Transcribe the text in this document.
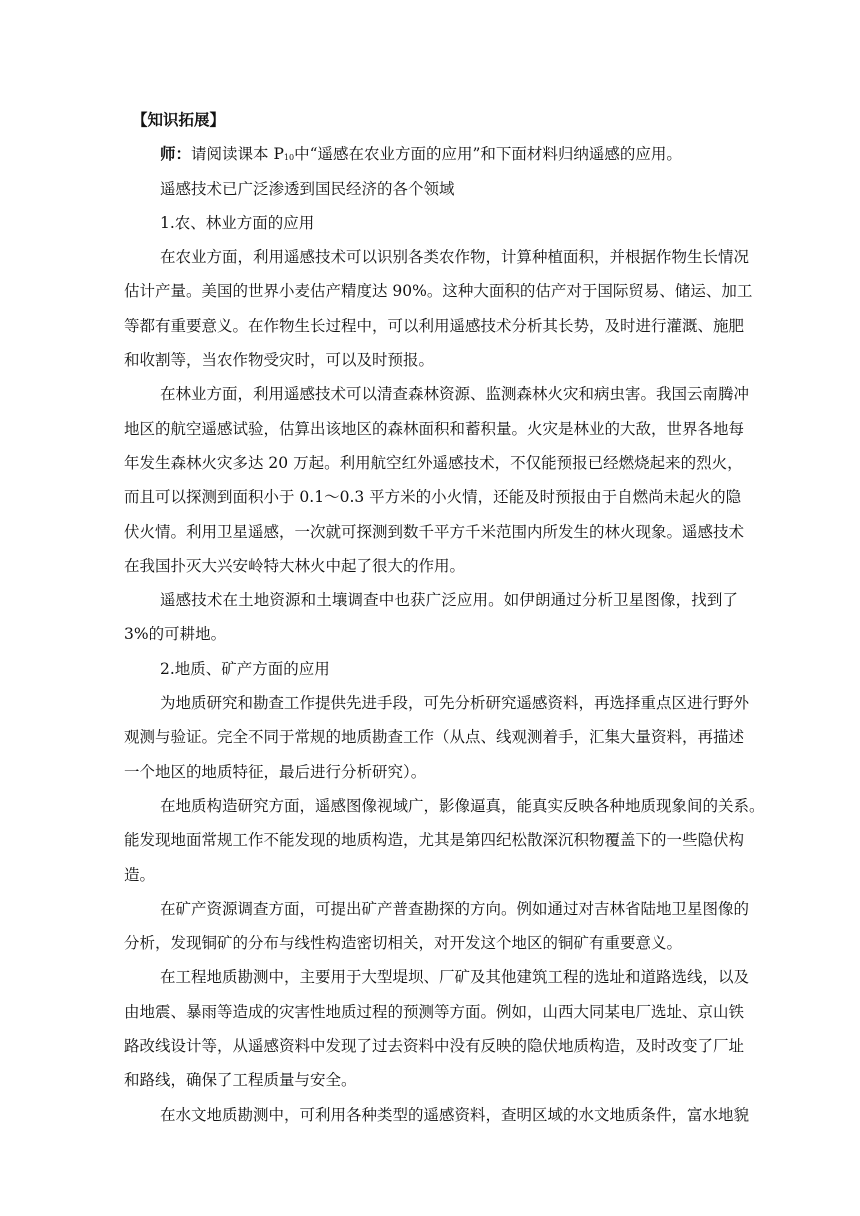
【知识拓展】

师：请阅读课本 $P_{10}$中“遥感在农业方面的应用”和下面材料归纳遥感的应用。

遥感技术已广泛渗透到国民经济的各个领域

1.农、林业方面的应用

在农业方面，利用遥感技术可以识别各类农作物，计算种植面积，并根据作物生长情况

估计产量。美国的世界小麦估产精度达 90%。这种大面积的估产对于国际贸易、储运、加工

等都有重要意义。在作物生长过程中，可以利用遥感技术分析其长势，及时进行灌溉、施肥

和收割等，当农作物受灾时，可以及时预报。

在林业方面，利用遥感技术可以清查森林资源、监测森林火灾和病虫害。我国云南腾冲

地区的航空遥感试验，估算出该地区的森林面积和蓄积量。火灾是林业的大敌，世界各地每

年发生森林火灾多达 20 万起。利用航空红外遥感技术，不仅能预报已经燃烧起来的烈火，

而且可以探测到面积小于 0.1～0.3 平方米的小火情，还能及时预报由于自燃尚未起火的隐

伏火情。利用卫星遥感，一次就可探测到数千平方千米范围内所发生的林火现象。遥感技术

在我国扑灭大兴安岭特大林火中起了很大的作用。

遥感技术在土地资源和土壤调查中也获广泛应用。如伊朗通过分析卫星图像，找到了

3%的可耕地。

2.地质、矿产方面的应用

为地质研究和勘查工作提供先进手段，可先分析研究遥感资料，再选择重点区进行野外

观测与验证。完全不同于常规的地质勘查工作（从点、线观测着手，汇集大量资料，再描述

一个地区的地质特征，最后进行分析研究）。

在地质构造研究方面，遥感图像视域广，影像逼真，能真实反映各种地质现象间的关系。

能发现地面常规工作不能发现的地质构造，尤其是第四纪松散深沉积物覆盖下的一些隐伏构

造。

在矿产资源调查方面，可提出矿产普查勘探的方向。例如通过对吉林省陆地卫星图像的

分析，发现铜矿的分布与线性构造密切相关，对开发这个地区的铜矿有重要意义。

在工程地质勘测中，主要用于大型堤坝、厂矿及其他建筑工程的选址和道路选线，以及

由地震、暴雨等造成的灾害性地质过程的预测等方面。例如，山西大同某电厂选址、京山铁

路改线设计等，从遥感资料中发现了过去资料中没有反映的隐伏地质构造，及时改变了厂址

和路线，确保了工程质量与安全。

在水文地质勘测中，可利用各种类型的遥感资料，查明区域的水文地质条件，富水地貌
